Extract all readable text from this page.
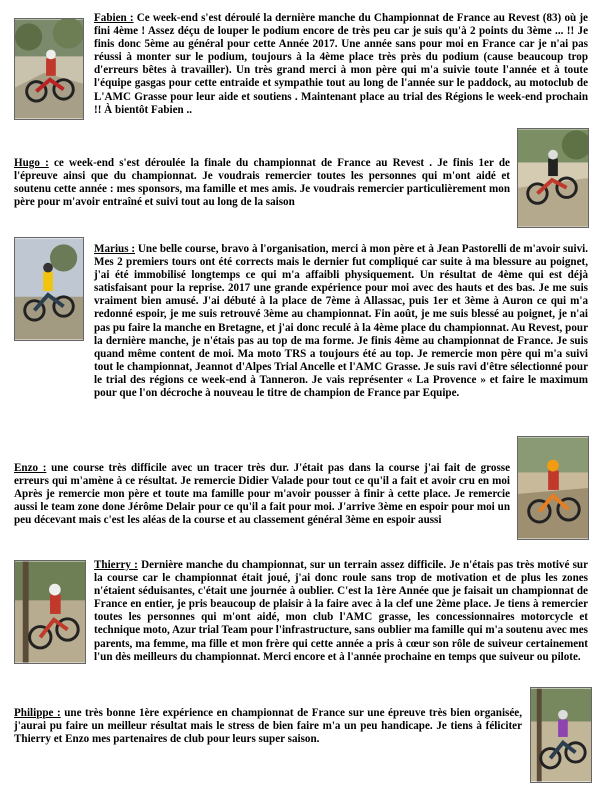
Fabien : Ce week-end s'est déroulé la dernière manche du Championnat de France au Revest (83) où je fini 4ème ! Assez déçu de louper le podium encore de très peu car je suis qu'à 2 points du 3ème ... !! Je finis donc 5ème au général pour cette Année 2017. Une année sans pour moi en France car je n'ai pas réussi à monter sur le podium, toujours à la 4ème place très près du podium (cause beaucoup trop d'erreurs bêtes à travailler). Un très grand merci à mon père qui m'a suivie toute l'année et à toute l'équipe gasgas pour cette entraide et sympathie tout au long de l'année sur le paddock, au motoclub de L'AMC Grasse pour leur aide et soutiens . Maintenant place au trial des Régions le week-end prochain !! À bientôt Fabien ..

Hugo : ce week-end s'est déroulée la finale du championnat de France au Revest . Je finis 1er de l'épreuve ainsi que du championnat. Je voudrais remercier toutes les personnes qui m'ont aidé et soutenu cette année : mes sponsors, ma famille et mes amis. Je voudrais remercier particulièrement mon père pour m'avoir entraîné et suivi tout au long de la saison

Marius : Une belle course, bravo à l'organisation, merci à mon père et à Jean Pastorelli de m'avoir suivi. Mes 2 premiers tours ont été corrects mais le dernier fut compliqué car suite à ma blessure au poignet, j'ai été immobilisé longtemps ce qui m'a affaibli physiquement. Un résultat de 4ème qui est déjà satisfaisant pour la reprise. 2017 une grande expérience pour moi avec des hauts et des bas. Je me suis vraiment bien amusé. J'ai débuté à la place de 7ème à Allassac, puis 1er et 3ème à Auron ce qui m'a redonné espoir, je me suis retrouvé 3ème au championnat. Fin août, je me suis blessé au poignet, je n'ai pas pu faire la manche en Bretagne, et j'ai donc reculé à la 4ème place du championnat. Au Revest, pour la dernière manche, je n'étais pas au top de ma forme. Je finis 4ème au championnat de France. Je suis quand même content de moi. Ma moto TRS a toujours été au top. Je remercie mon père qui m'a suivi tout le championnat, Jeannot d'Alpes Trial Ancelle et l'AMC Grasse. Je suis ravi d'être sélectionné pour le trial des régions ce week-end à Tanneron. Je vais représenter « La Provence » et faire le maximum pour que l'on décroche à nouveau le titre de champion de France par Equipe.

Enzo : une course très difficile avec un tracer très dur. J'était pas dans la course j'ai fait de grosse erreurs qui m'amène à ce résultat. Je remercie Didier Valade pour tout ce qu'il a fait et avoir cru en moi Après je remercie mon père et toute ma famille pour m'avoir pousser à finir à cette place. Je remercie aussi le team zone done Jérôme Delair pour ce qu'il a fait pour moi. J'arrive 3ème en espoir pour moi un peu décevant mais c'est les aléas de la course et au classement général 3ème en espoir aussi

Thierry : Dernière manche du championnat, sur un terrain assez difficile. Je n'étais pas très motivé sur la course car le championnat était joué, j'ai donc roule sans trop de motivation et de plus les zones n'étaient séduisantes, c'était une journée à oublier. C'est la 1ère Année que je faisait un championnat de France en entier, je pris beaucoup de plaisir à la faire avec à la clef une 2ème place. Je tiens à remercier toutes les personnes qui m'ont aidé, mon club l'AMC grasse, les concessionnaires motorcycle et technique moto, Azur trial Team pour l'infrastructure, sans oublier ma famille qui m'a soutenu avec mes parents, ma femme, ma fille et mon frère qui cette année a pris à cœur son rôle de suiveur certainement l'un dès meilleurs du championnat. Merci encore et à l'année prochaine en temps que suiveur ou pilote.

Philippe : une très bonne 1ère expérience en championnat de France sur une épreuve très bien organisée, j'aurai pu faire un meilleur résultat mais le stress de bien faire m'a un peu handicape. Je tiens à féliciter Thierry et Enzo mes partenaires de club pour leurs super saison.
